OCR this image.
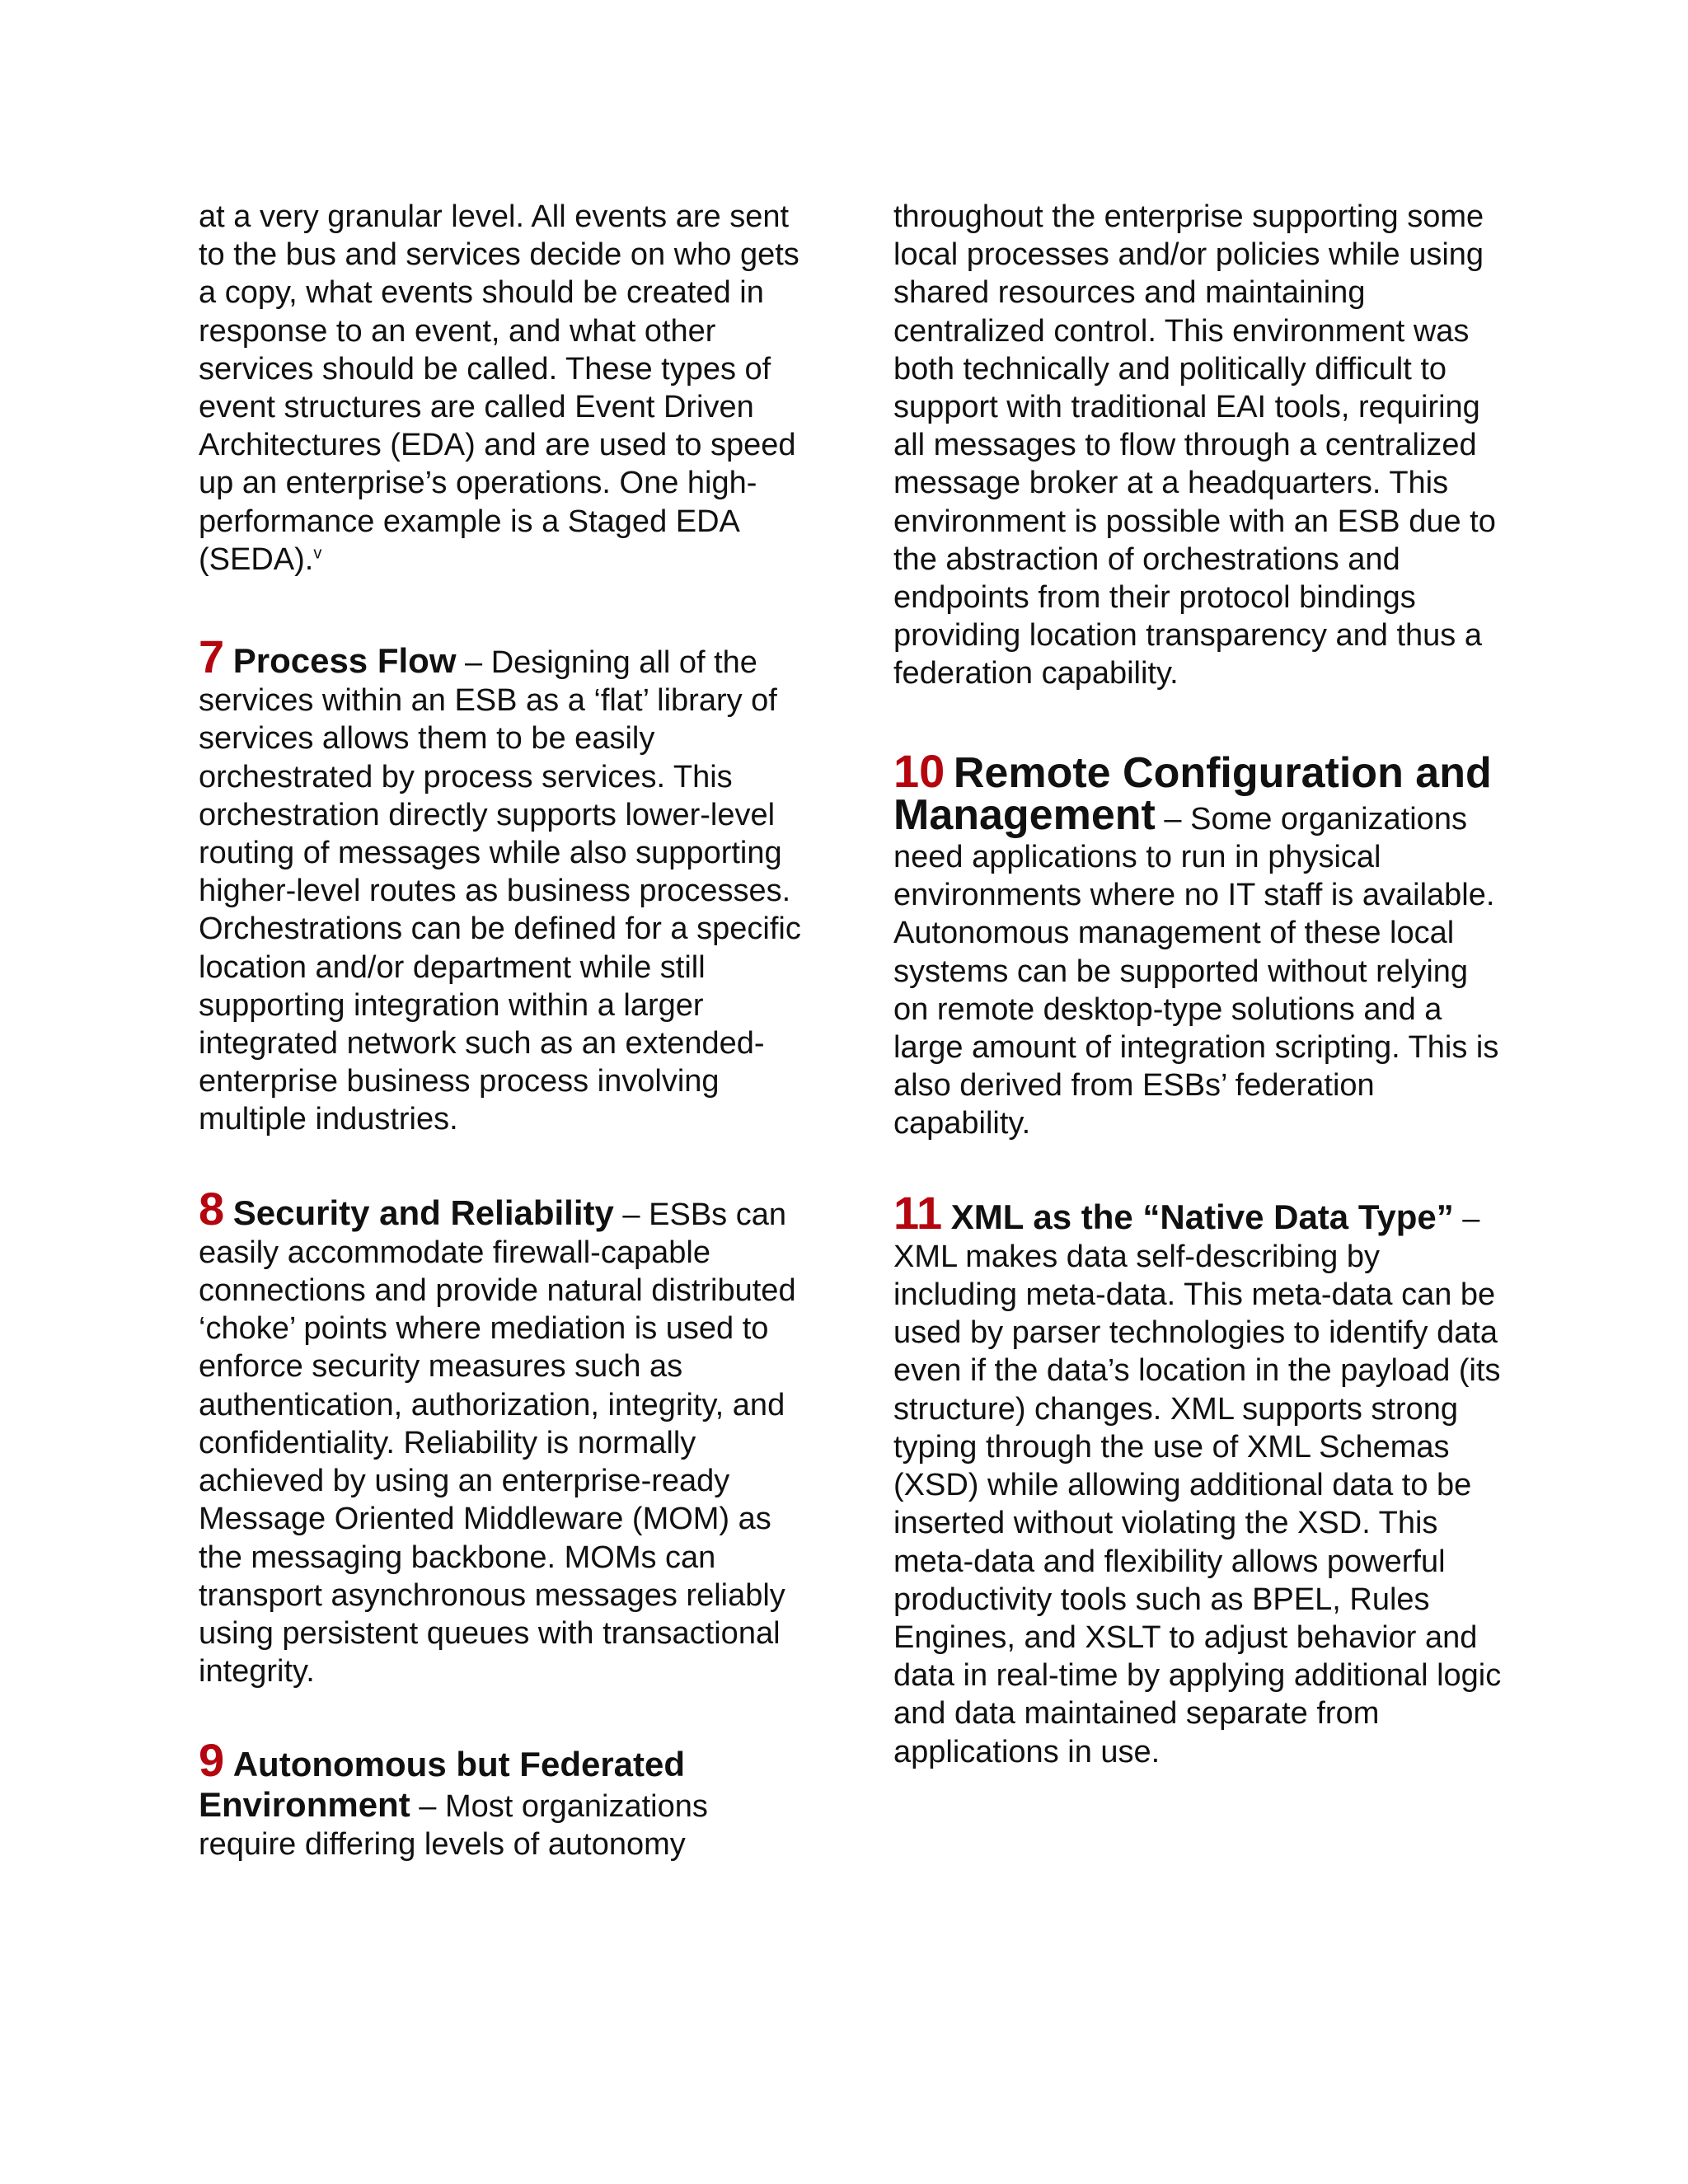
at a very granular level. All events are sent to the bus and services decide on who gets a copy, what events should be created in response to an event, and what other services should be called. These types of event structures are called Event Driven Architectures (EDA) and are used to speed up an enterprise’s operations. One high-performance example is a Staged EDA (SEDA).$^v$

7 Process Flow – Designing all of the services within an ESB as a ‘flat’ library of services allows them to be easily orchestrated by process services. This orchestration directly supports lower-level routing of messages while also supporting higher-level routes as business processes. Orchestrations can be defined for a specific location and/or department while still supporting integration within a larger integrated network such as an extended-enterprise business process involving multiple industries.

8 Security and Reliability – ESBs can easily accommodate firewall-capable connections and provide natural distributed ‘choke’ points where mediation is used to enforce security measures such as authentication, authorization, integrity, and confidentiality. Reliability is normally achieved by using an enterprise-ready Message Oriented Middleware (MOM) as the messaging backbone. MOMs can transport asynchronous messages reliably using persistent queues with transactional integrity.

9 Autonomous but Federated Environment – Most organizations require differing levels of autonomy

throughout the enterprise supporting some local processes and/or policies while using shared resources and maintaining centralized control. This environment was both technically and politically difficult to support with traditional EAI tools, requiring all messages to flow through a centralized message broker at a headquarters. This environment is possible with an ESB due to the abstraction of orchestrations and endpoints from their protocol bindings providing location transparency and thus a federation capability.

10 Remote Configuration and Management – Some organizations need applications to run in physical environments where no IT staff is available. Autonomous management of these local systems can be supported without relying on remote desktop-type solutions and a large amount of integration scripting. This is also derived from ESBs’ federation capability.

11 XML as the “Native Data Type” – XML makes data self-describing by including meta-data. This meta-data can be used by parser technologies to identify data even if the data’s location in the payload (its structure) changes. XML supports strong typing through the use of XML Schemas (XSD) while allowing additional data to be inserted without violating the XSD. This meta-data and flexibility allows powerful productivity tools such as BPEL, Rules Engines, and XSLT to adjust behavior and data in real-time by applying additional logic and data maintained separate from applications in use.
